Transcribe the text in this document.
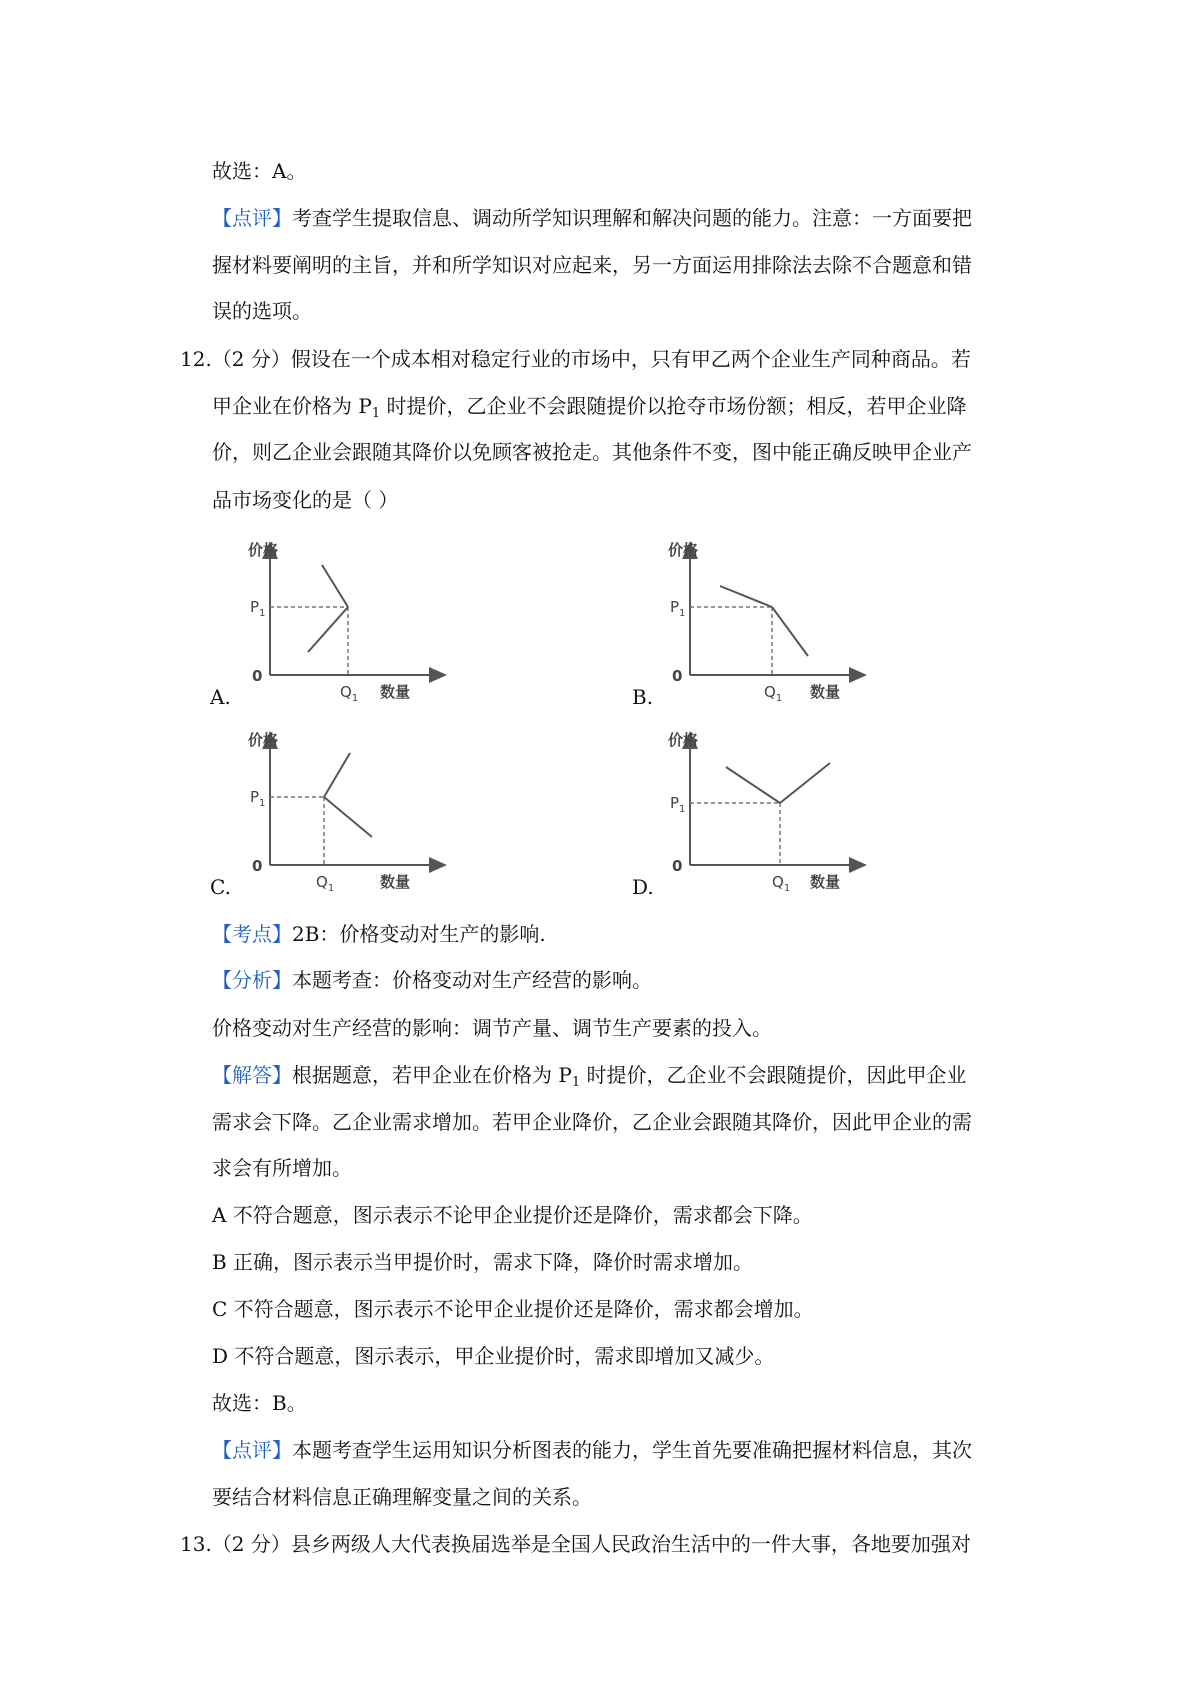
故选：A。
【点评】考查学生提取信息、调动所学知识理解和解决问题的能力。注意：一方面要把
握材料要阐明的主旨，并和所学知识对应起来，另一方面运用排除法去除不合题意和错
误的选项。
12.（2 分）假设在一个成本相对稳定行业的市场中，只有甲乙两个企业生产同种商品。若
甲企业在价格为 $P_1$ 时提价，乙企业不会跟随提价以抢夺市场份额；相反，若甲企业降
价，则乙企业会跟随其降价以免顾客被抢走。其他条件不变，图中能正确反映甲企业产
品市场变化的是（ ）
A.
价格
数量
0
$P_1$
$Q_1$	B.
价格
数量
0
$P_1$
$Q_1$
C.
价格
数量
0
$P_1$
$Q_1$	D.
价格
数量
0
$P_1$
$Q_1$
【考点】2B：价格变动对生产的影响.
【分析】本题考查：价格变动对生产经营的影响。
价格变动对生产经营的影响：调节产量、调节生产要素的投入。
【解答】根据题意，若甲企业在价格为 $P_1$ 时提价，乙企业不会跟随提价，因此甲企业
需求会下降。乙企业需求增加。若甲企业降价，乙企业会跟随其降价，因此甲企业的需
求会有所增加。
A 不符合题意，图示表示不论甲企业提价还是降价，需求都会下降。
B 正确，图示表示当甲提价时，需求下降，降价时需求增加。
C 不符合题意，图示表示不论甲企业提价还是降价，需求都会增加。
D 不符合题意，图示表示，甲企业提价时，需求即增加又减少。
故选：B。
【点评】本题考查学生运用知识分析图表的能力，学生首先要准确把握材料信息，其次
要结合材料信息正确理解变量之间的关系。
13.（2 分）县乡两级人大代表换届选举是全国人民政治生活中的一件大事，各地要加强对
